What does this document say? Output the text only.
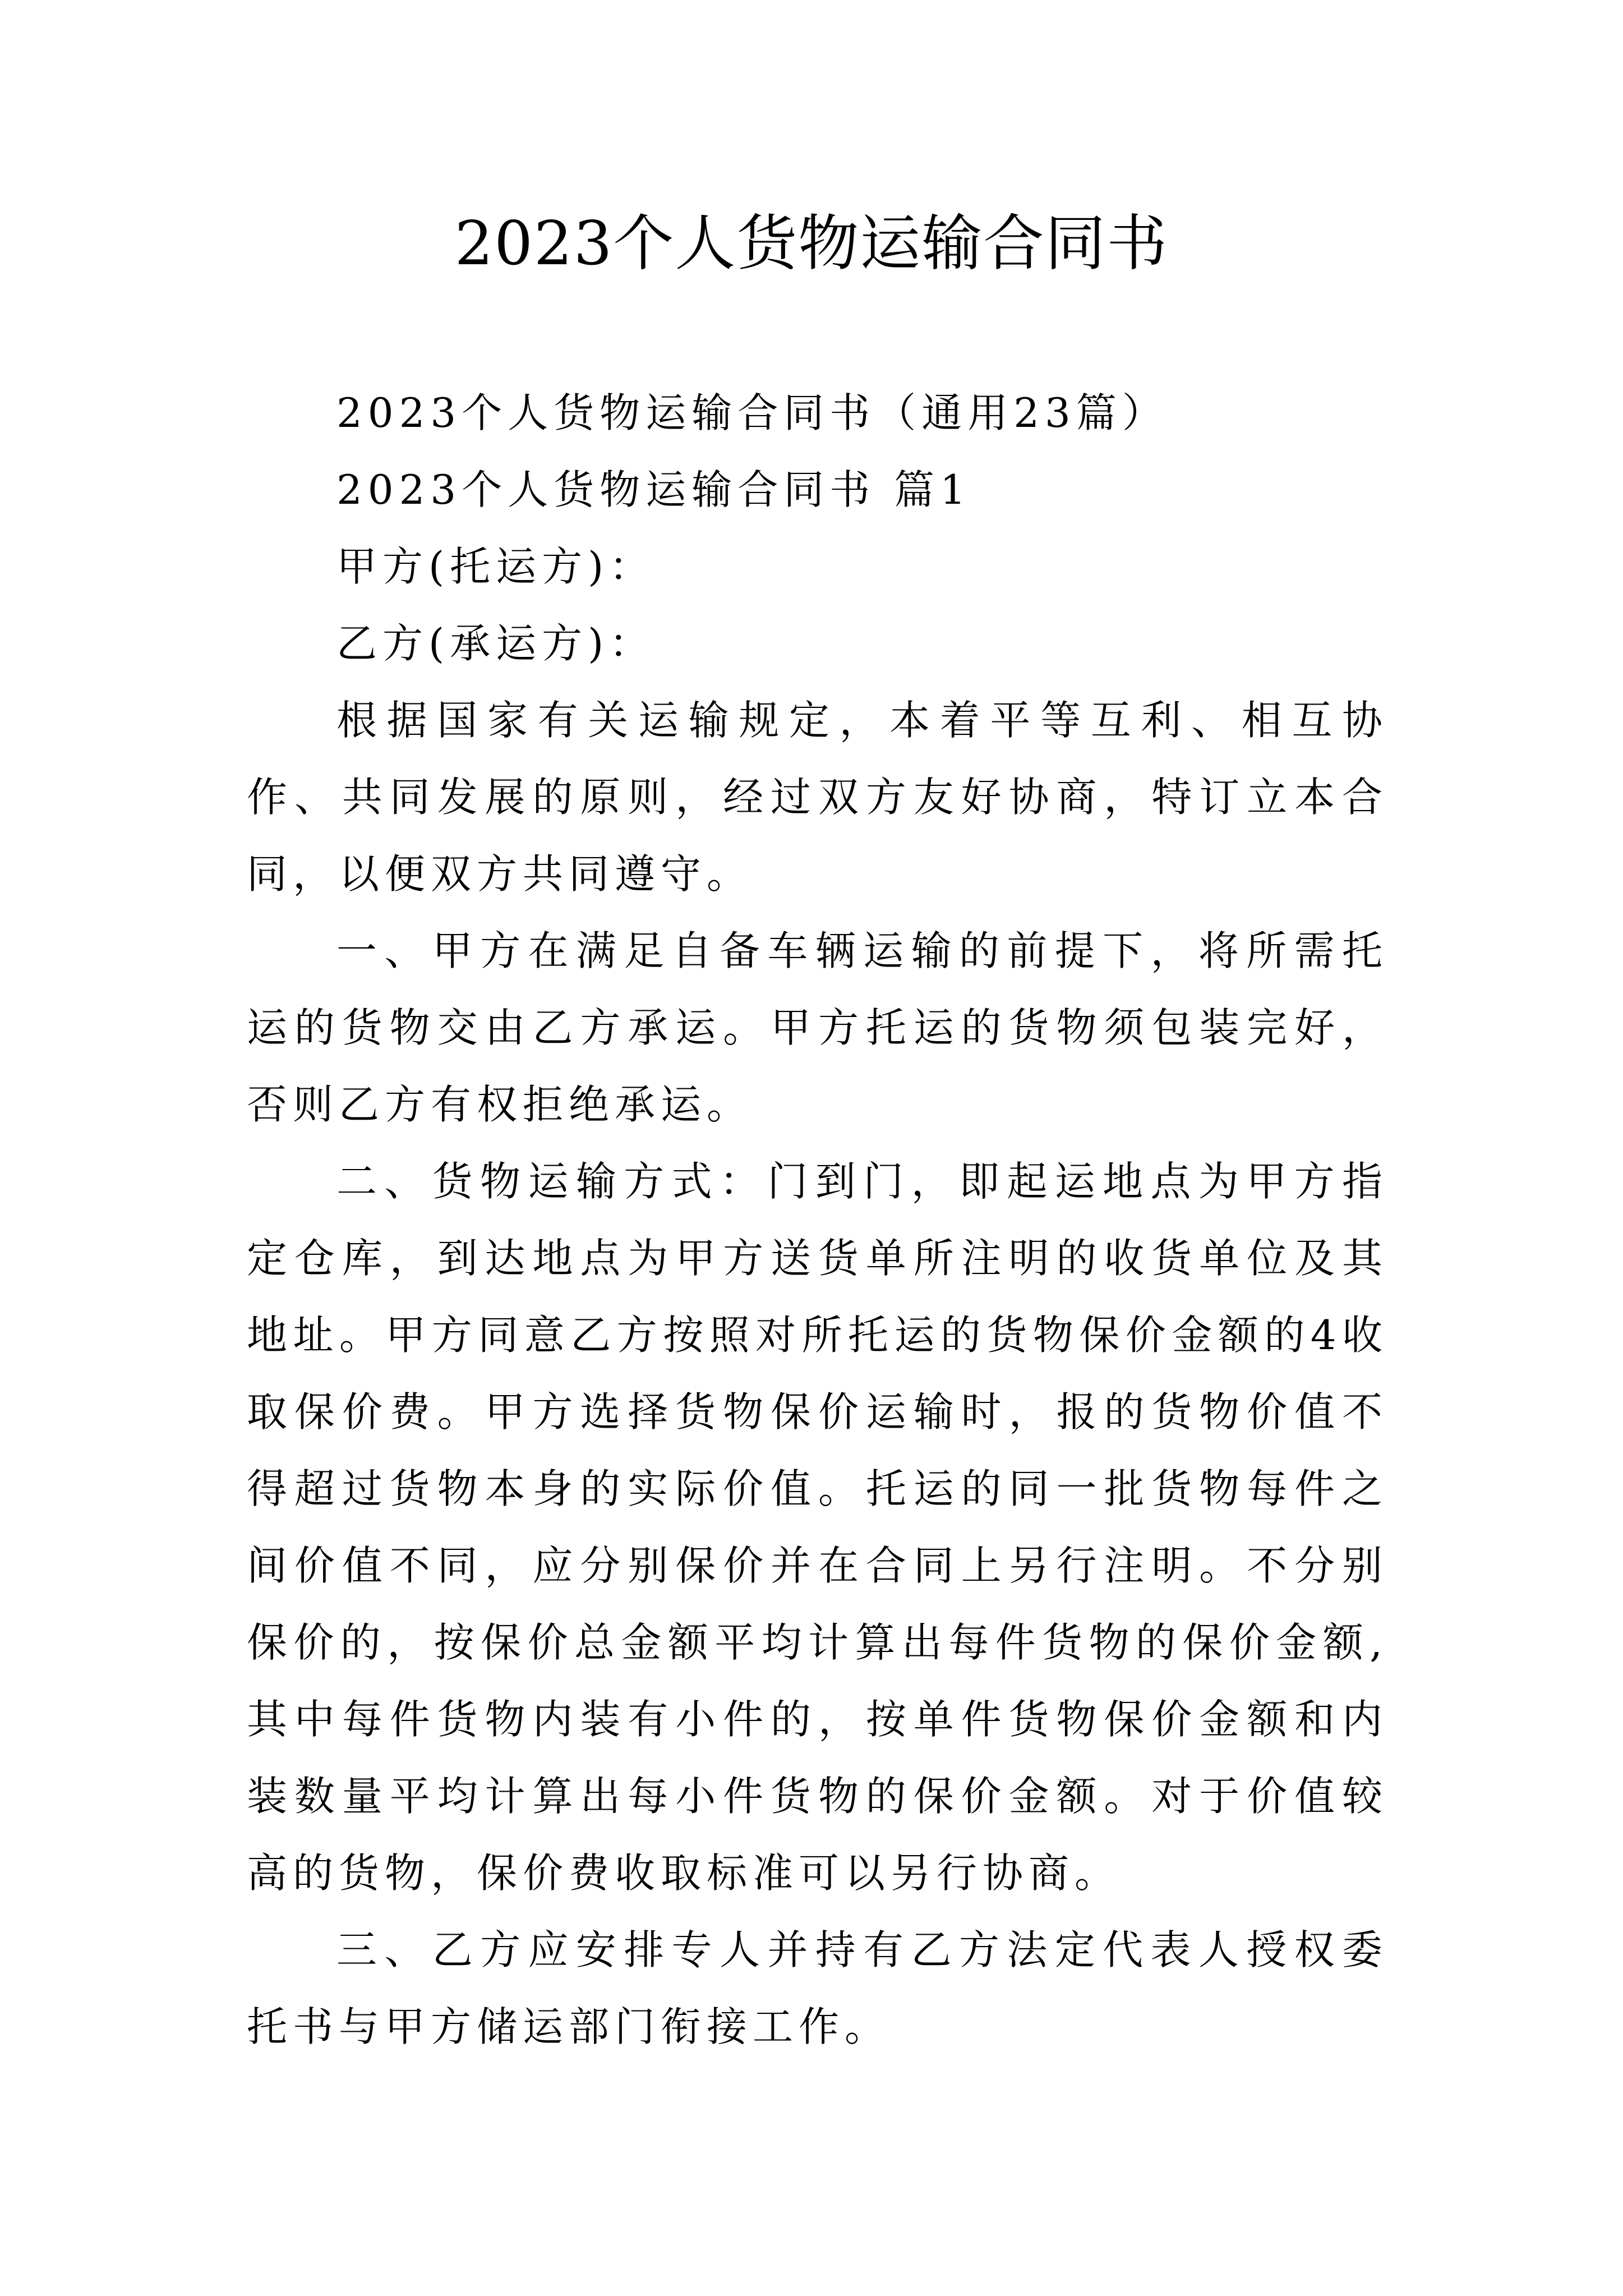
2023个人货物运输合同书

2023个人货物运输合同书（通用23篇）

2023个人货物运输合同书 篇1

甲方(托运方)：

乙方(承运方)：

根据国家有关运输规定，本着平等互利、相互协作、共同发展的原则，经过双方友好协商，特订立本合同，以便双方共同遵守。

一、甲方在满足自备车辆运输的前提下，将所需托运的货物交由乙方承运。甲方托运的货物须包装完好，否则乙方有权拒绝承运。

二、货物运输方式：门到门，即起运地点为甲方指定仓库，到达地点为甲方送货单所注明的收货单位及其地址。甲方同意乙方按照对所托运的货物保价金额的4收取保价费。甲方选择货物保价运输时，报的货物价值不得超过货物本身的实际价值。托运的同一批货物每件之间价值不同，应分别保价并在合同上另行注明。不分别保价的，按保价总金额平均计算出每件货物的保价金额,其中每件货物内装有小件的，按单件货物保价金额和内装数量平均计算出每小件货物的保价金额。对于价值较高的货物，保价费收取标准可以另行协商。

三、乙方应安排专人并持有乙方法定代表人授权委托书与甲方储运部门衔接工作。
